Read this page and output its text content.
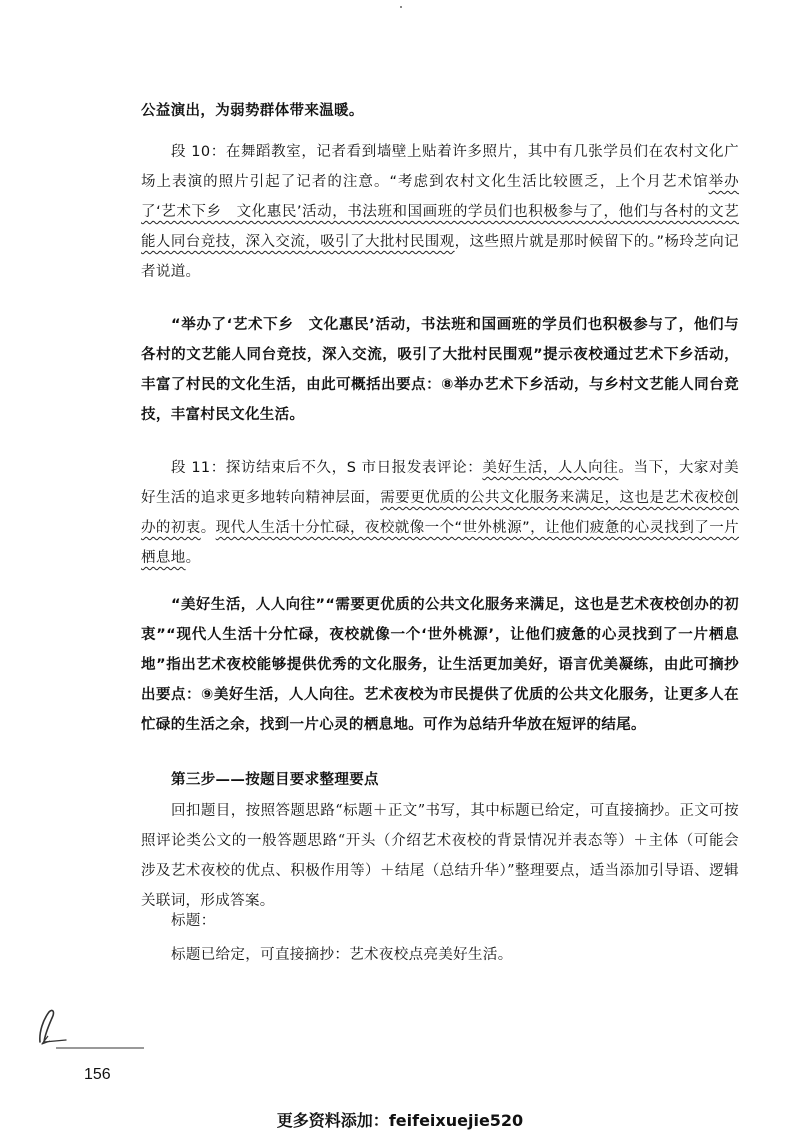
公益演出，为弱势群体带来温暖。

段 10：在舞蹈教室，记者看到墙壁上贴着许多照片，其中有几张学员们在农村文化广场上表演的照片引起了记者的注意。“考虑到农村文化生活比较匮乏，上个月艺术馆举办了‘艺术下乡　文化惠民’活动，书法班和国画班的学员们也积极参与了，他们与各村的文艺能人同台竞技，深入交流，吸引了大批村民围观，这些照片就是那时候留下的。”杨玲芝向记者说道。

“举办了‘艺术下乡　文化惠民’活动，书法班和国画班的学员们也积极参与了，他们与各村的文艺能人同台竞技，深入交流，吸引了大批村民围观”提示夜校通过艺术下乡活动，丰富了村民的文化生活，由此可概括出要点：⑧举办艺术下乡活动，与乡村文艺能人同台竞技，丰富村民文化生活。

段 11：探访结束后不久，S 市日报发表评论：美好生活，人人向往。当下，大家对美好生活的追求更多地转向精神层面，需要更优质的公共文化服务来满足，这也是艺术夜校创办的初衷。现代人生活十分忙碌，夜校就像一个“世外桃源”，让他们疲惫的心灵找到了一片栖息地。

“美好生活，人人向往”“需要更优质的公共文化服务来满足，这也是艺术夜校创办的初衷”“现代人生活十分忙碌，夜校就像一个‘世外桃源’，让他们疲惫的心灵找到了一片栖息地”指出艺术夜校能够提供优秀的文化服务，让生活更加美好，语言优美凝练，由此可摘抄出要点：⑨美好生活，人人向往。艺术夜校为市民提供了优质的公共文化服务，让更多人在忙碌的生活之余，找到一片心灵的栖息地。可作为总结升华放在短评的结尾。

第三步——按题目要求整理要点

回扣题目，按照答题思路“标题＋正文”书写，其中标题已给定，可直接摘抄。正文可按照评论类公文的一般答题思路“开头（介绍艺术夜校的背景情况并表态等）＋主体（可能会涉及艺术夜校的优点、积极作用等）＋结尾（总结升华）”整理要点，适当添加引导语、逻辑关联词，形成答案。

标题：

标题已给定，可直接摘抄：艺术夜校点亮美好生活。

156
更多资料添加：feifeixuejie520
